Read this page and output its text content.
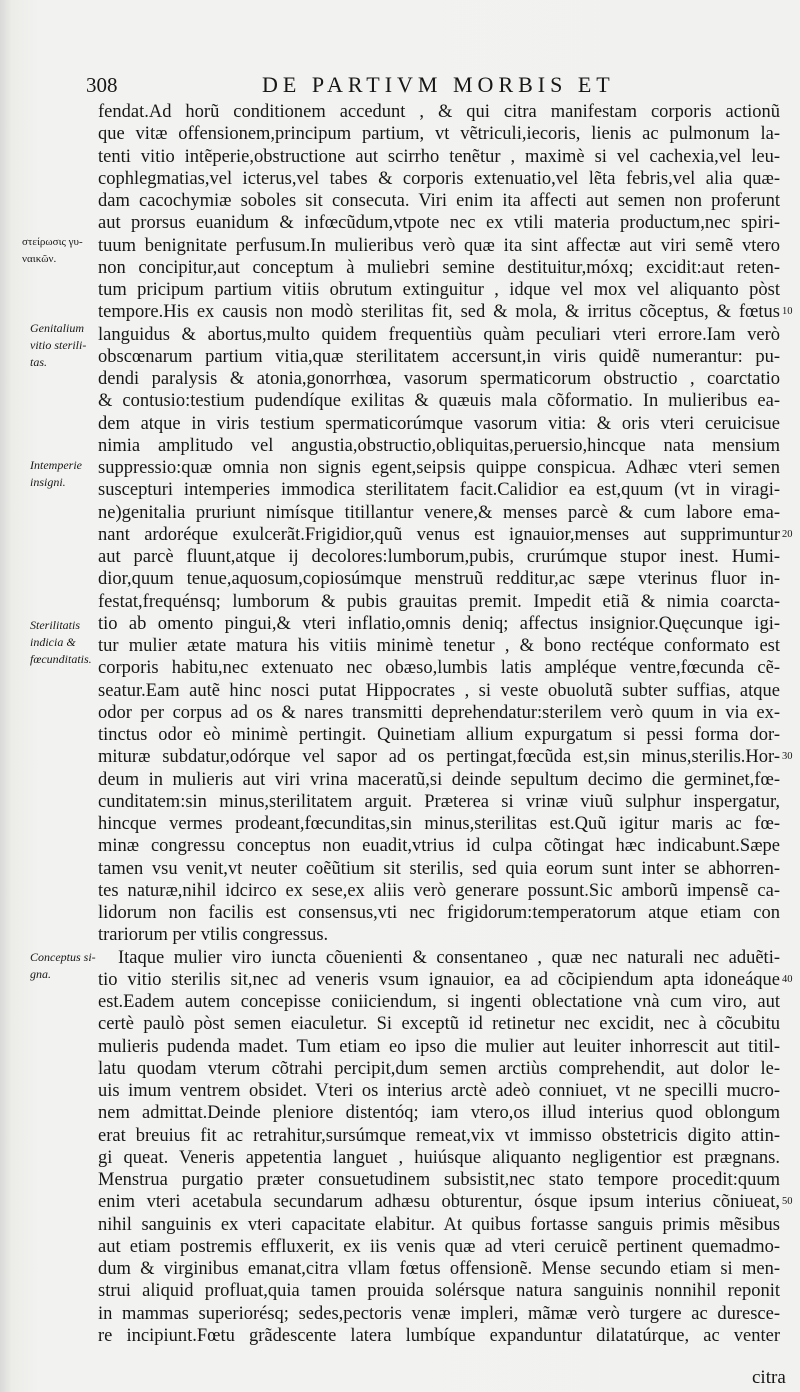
308	DE PARTIVM MORBIS ET
στείρωσις γυ-
ναικῶν.
Genitalium
vitio sterili-
tas.
Intemperie
insigni.
Sterilitatis
indicia &
fœcunditatis.
Conceptus si-
gna.
fendat.Ad horũ conditionem accedunt , & qui citra manifestam corporis actionũ
que vitæ offensionem,principum partium, vt vẽtriculi,iecoris, lienis ac pulmonum la-
tenti vitio intẽperie,obstructione aut scirrho tenẽtur , maximè si vel cachexia,vel leu-
cophlegmatias,vel icterus,vel tabes & corporis extenuatio,vel lẽta febris,vel alia quæ-
dam cacochymiæ soboles sit consecuta. Viri enim ita affecti aut semen non proferunt
aut prorsus euanidum & infœcũdum,vtpote nec ex vtili materia productum,nec spiri-
tuum benignitate perfusum.In mulieribus verò quæ ita sint affectæ aut viri semẽ vtero
non concipitur,aut conceptum à muliebri semine destituitur,móxq; excidit:aut reten-
tum pricipum partium vitiis obrutum extinguitur , idque vel mox vel aliquanto pòst
tempore.His ex causis non modò sterilitas fit, sed & mola, & irritus cõceptus, & fœtus 10
languidus & abortus,multo quidem frequentiùs quàm peculiari vteri errore.Iam verò
obscœnarum partium vitia,quæ sterilitatem accersunt,in viris quidẽ numerantur: pu-
dendi paralysis & atonia,gonorrhœa, vasorum spermaticorum obstructio , coarctatio
& contusio:testium pudendíque exilitas & quæuis mala cõformatio. In mulieribus ea-
dem atque in viris testium spermaticorúmque vasorum vitia: & oris vteri ceruicisue
nimia amplitudo vel angustia,obstructio,obliquitas,peruersio,hincque nata mensium
suppressio:quæ omnia non signis egent,seipsis quippe conspicua. Adhæc vteri semen
suscepturi intemperies immodica sterilitatem facit.Calidior ea est,quum (vt in viragi-
ne)genitalia pruriunt nimísque titillantur venere,& menses parcè & cum labore ema-
nant ardoréque exulcerãt.Frigidior,quũ venus est ignauior,menses aut supprimuntur 20
aut parcè fluunt,atque ij decolores:lumborum,pubis, crurúmque stupor inest. Humi-
dior,quum tenue,aquosum,copiosúmque menstruũ redditur,ac sæpe vterinus fluor in-
festat,frequénsq; lumborum & pubis grauitas premit. Impedit etiã & nimia coarcta-
tio ab omento pingui,& vteri inflatio,omnis deniq; affectus insignior.Quęcunque igi-
tur mulier ætate matura his vitiis minimè tenetur , & bono rectéque conformato est
corporis habitu,nec extenuato nec obæso,lumbis latis ampléque ventre,fœcunda cẽ-
seatur.Eam autẽ hinc nosci putat Hippocrates , si veste obuolutã subter suffias, atque
odor per corpus ad os & nares transmitti deprehendatur:sterilem verò quum in via ex-
tinctus odor eò minimè pertingit. Quinetiam allium expurgatum si pessi forma dor-
mituræ subdatur,odórque vel sapor ad os pertingat,fœcũda est,sin minus,sterilis.Hor- 30
deum in mulieris aut viri vrina maceratũ,si deinde sepultum decimo die germinet,fœ-
cunditatem:sin minus,sterilitatem arguit. Præterea si vrinæ viuũ sulphur inspergatur,
hincque vermes prodeant,fœcunditas,sin minus,sterilitas est.Quũ igitur maris ac fœ-
minæ congressu conceptus non euadit,vtrius id culpa cõtingat hæc indicabunt.Sæpe
tamen vsu venit,vt neuter coẽũtium sit sterilis, sed quia eorum sunt inter se abhorren-
tes naturæ,nihil idcirco ex sese,ex aliis verò generare possunt.Sic amborũ impensẽ ca-
lidorum non facilis est consensus,vti nec frigidorum:temperatorum atque etiam con
trariorum per vtilis congressus.
Itaque mulier viro iuncta cõuenienti & consentaneo , quæ nec naturali nec aduẽti-
tio vitio sterilis sit,nec ad veneris vsum ignauior, ea ad cõcipiendum apta idoneáque 40
est.Eadem autem concepisse coniiciendum, si ingenti oblectatione vnà cum viro, aut
certè paulò pòst semen eiaculetur. Si exceptũ id retinetur nec excidit, nec à cõcubitu
mulieris pudenda madet. Tum etiam eo ipso die mulier aut leuiter inhorrescit aut titil-
latu quodam vterum cõtrahi percipit,dum semen arctiùs comprehendit, aut dolor le-
uis imum ventrem obsidet. Vteri os interius arctè adeò conniuet, vt ne specilli mucro-
nem admittat.Deinde pleniore distentóq; iam vtero,os illud interius quod oblongum
erat breuius fit ac retrahitur,sursúmque remeat,vix vt immisso obstetricis digito attin-
gi queat. Veneris appetentia languet , huiúsque aliquanto negligentior est prægnans.
Menstrua purgatio præter consuetudinem subsistit,nec stato tempore procedit:quum
enim vteri acetabula secundarum adhæsu obturentur, ósque ipsum interius cõniueat, 50
nihil sanguinis ex vteri capacitate elabitur. At quibus fortasse sanguis primis mẽsibus
aut etiam postremis effluxerit, ex iis venis quæ ad vteri ceruicẽ pertinent quemadmo-
dum & virginibus emanat,citra vllam fœtus offensionẽ. Mense secundo etiam si men-
strui aliquid profluat,quia tamen prouida solérsque natura sanguinis nonnihil reponit
in mammas superiorésq; sedes,pectoris venæ impleri, mãmæ verò turgere ac duresce-
re incipiunt.Fœtu grãdescente latera lumbíque expanduntur dilatatúrque, ac venter
citra
